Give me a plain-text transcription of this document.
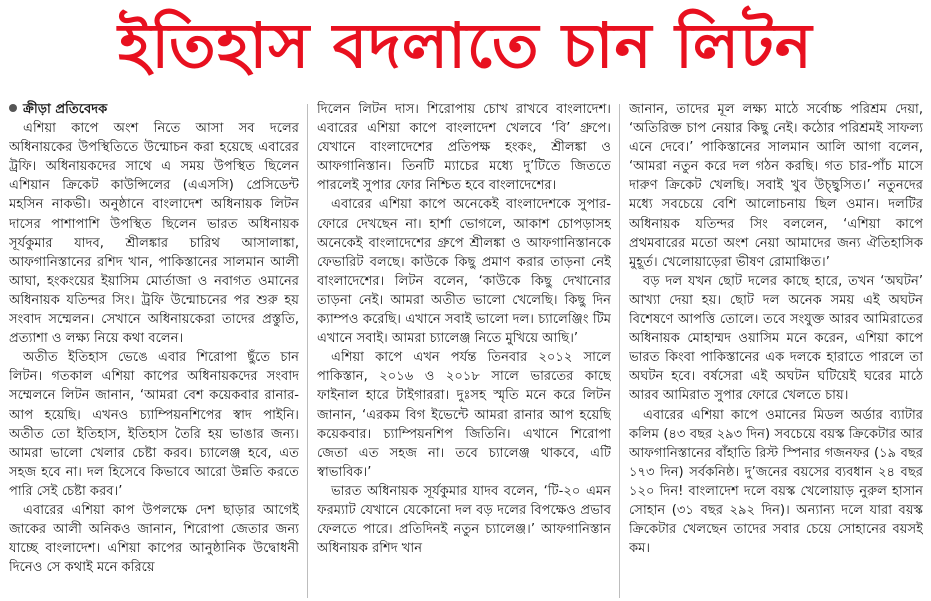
ইতিহাস বদলাতে চান লিটন

ক্রীড়া প্রতিবেদক

এশিয়া কাপে অংশ নিতে আসা সব দলের অধিনায়কের উপস্থিতিতে উন্মোচন করা হয়েছে এবারের ট্রফি। অধিনায়কদের সাথে এ সময় উপস্থিত ছিলেন এশিয়ান ক্রিকেট কাউন্সিলের (এএসসি) প্রেসিডেন্ট মহসিন নাকভী। অনুষ্ঠানে বাংলাদেশ অধিনায়ক লিটন দাসের পাশাপাশি উপস্থিত ছিলেন ভারত অধিনায়ক সূর্যকুমার যাদব, শ্রীলঙ্কার চারিথ আসালাঙ্কা, আফগানিস্তানের রশিদ খান, পাকিস্তানের সালমান আলী আঘা, হংকংয়ের ইয়াসিম মোর্তাজা ও নবাগত ওমানের অধিনায়ক যতিন্দর সিং। ট্রফি উন্মোচনের পর শুরু হয় সংবাদ সম্মেলন। সেখানে অধিনায়কেরা তাদের প্রস্তুতি, প্রত্যাশা ও লক্ষ্য নিয়ে কথা বলেন।

অতীত ইতিহাস ভেঙে এবার শিরোপা ছুঁতে চান লিটন। গতকাল এশিয়া কাপের অধিনায়কদের সংবাদ সম্মেলনে লিটন জানান, ‘আমরা বেশ কয়েকবার রানার-আপ হয়েছি। এখনও চ্যাম্পিয়নশিপের স্বাদ পাইনি। অতীত তো ইতিহাস, ইতিহাস তৈরি হয় ভাঙার জন্য। আমরা ভালো খেলার চেষ্টা করব। চ্যালেঞ্জ হবে, এত সহজ হবে না। দল হিসেবে কিভাবে আরো উন্নতি করতে পারি সেই চেষ্টা করব।’

এবারের এশিয়া কাপ উপলক্ষে দেশ ছাড়ার আগেই জাকের আলী অনিকও জানান, শিরোপা জেতার জন্য যাচ্ছে বাংলাদেশ। এশিয়া কাপের আনুষ্ঠানিক উদ্বোধনী দিনেও সে কথাই মনে করিয়ে

দিলেন লিটন দাস। শিরোপায় চোখ রাখবে বাংলাদেশ। এবারের এশিয়া কাপে বাংলাদেশ খেলবে ‘বি’ গ্রুপে। যেখানে বাংলাদেশের প্রতিপক্ষ হংকং, শ্রীলঙ্কা ও আফগানিস্তান। তিনটি ম্যাচের মধ্যে দু’টিতে জিততে পারলেই সুপার ফোর নিশ্চিত হবে বাংলাদেশের।

এবারের এশিয়া কাপে অনেকেই বাংলাদেশকে সুপার-ফোরে দেখছেন না। হার্শা ভোগলে, আকাশ চোপড়াসহ অনেকেই বাংলাদেশের গ্রুপে শ্রীলঙ্কা ও আফগানিস্তানকে ফেভারিট বলছে। কাউকে কিছু প্রমাণ করার তাড়না নেই বাংলাদেশের। লিটন বলেন, ‘কাউকে কিছু দেখানোর তাড়না নেই। আমরা অতীত ভালো খেলেছি। কিছু দিন ক্যাম্পও করেছি। এখানে সবাই ভালো দল। চ্যালেঞ্জিং টিম এখানে সবাই। আমরা চ্যালেঞ্জ নিতে মুখিয়ে আছি।’

এশিয়া কাপে এখন পর্যন্ত তিনবার ২০১২ সালে পাকিস্তান, ২০১৬ ও ২০১৮ সালে ভারতের কাছে ফাইনাল হারে টাইগাররা। দুঃসহ স্মৃতি মনে করে লিটন জানান, ‘এরকম বিগ ইভেন্টে আমরা রানার আপ হয়েছি কয়েকবার। চ্যাম্পিয়নশিপ জিতিনি। এখানে শিরোপা জেতা এত সহজ না। তবে চ্যালেঞ্জ থাকবে, এটি স্বাভাবিক।’

ভারত অধিনায়ক সূর্যকুমার যাদব বলেন, ‘টি-২০ এমন ফরম্যাট যেখানে যেকোনো দল বড় দলের বিপক্ষেও প্রভাব ফেলতে পারে। প্রতিদিনই নতুন চ্যালেঞ্জ।’ আফগানিস্তান অধিনায়ক রশিদ খান

জানান, তাদের মূল লক্ষ্য মাঠে সর্বোচ্চ পরিশ্রম দেয়া, ‘অতিরিক্ত চাপ নেয়ার কিছু নেই। কঠোর পরিশ্রমই সাফল্য এনে দেবে।’ পাকিস্তানের সালমান আলি আগা বলেন, ‘আমরা নতুন করে দল গঠন করছি। গত চার-পাঁচ মাসে দারুণ ক্রিকেট খেলছি। সবাই খুব উচ্ছ্বসিত।’ নতুনদের মধ্যে সবচেয়ে বেশি আলোচনায় ছিল ওমান। দলটির অধিনায়ক যতিন্দর সিং বললেন, ‘এশিয়া কাপে প্রথমবারের মতো অংশ নেয়া আমাদের জন্য ঐতিহাসিক মুহূর্ত। খেলোয়াড়েরা ভীষণ রোমাঞ্চিত।’

বড় দল যখন ছোট দলের কাছে হারে, তখন ‘অঘটন’ আখ্যা দেয়া হয়। ছোট দল অনেক সময় এই অঘটন বিশেষণে আপত্তি তোলে। তবে সংযুক্ত আরব আমিরাতের অধিনায়ক মোহাম্মদ ওয়াসিম মনে করেন, এশিয়া কাপে ভারত কিংবা পাকিস্তানের এক দলকে হারাতে পারলে তা অঘটন হবে। বর্ষসেরা এই অঘটন ঘটিয়েই ঘরের মাঠে আরব আমিরাত সুপার ফোরে খেলতে চায়।

এবারের এশিয়া কাপে ওমানের মিডল অর্ডার ব্যাটার কলিম (৪৩ বছর ২৯৩ দিন) সবচেয়ে বয়স্ক ক্রিকেটার আর আফগানিস্তানের বাঁহাতি রিস্ট স্পিনার গজনফর (১৯ বছর ১৭৩ দিন) সর্বকনিষ্ঠ। দু’জনের বয়সের ব্যবধান ২৪ বছর ১২০ দিন! বাংলাদেশ দলে বয়স্ক খেলোয়াড় নুরুল হাসান সোহান (৩১ বছর ২৯২ দিন)। অন্যান্য দলে যারা বয়স্ক ক্রিকেটার খেলছেন তাদের সবার চেয়ে সোহানের বয়সই কম।
